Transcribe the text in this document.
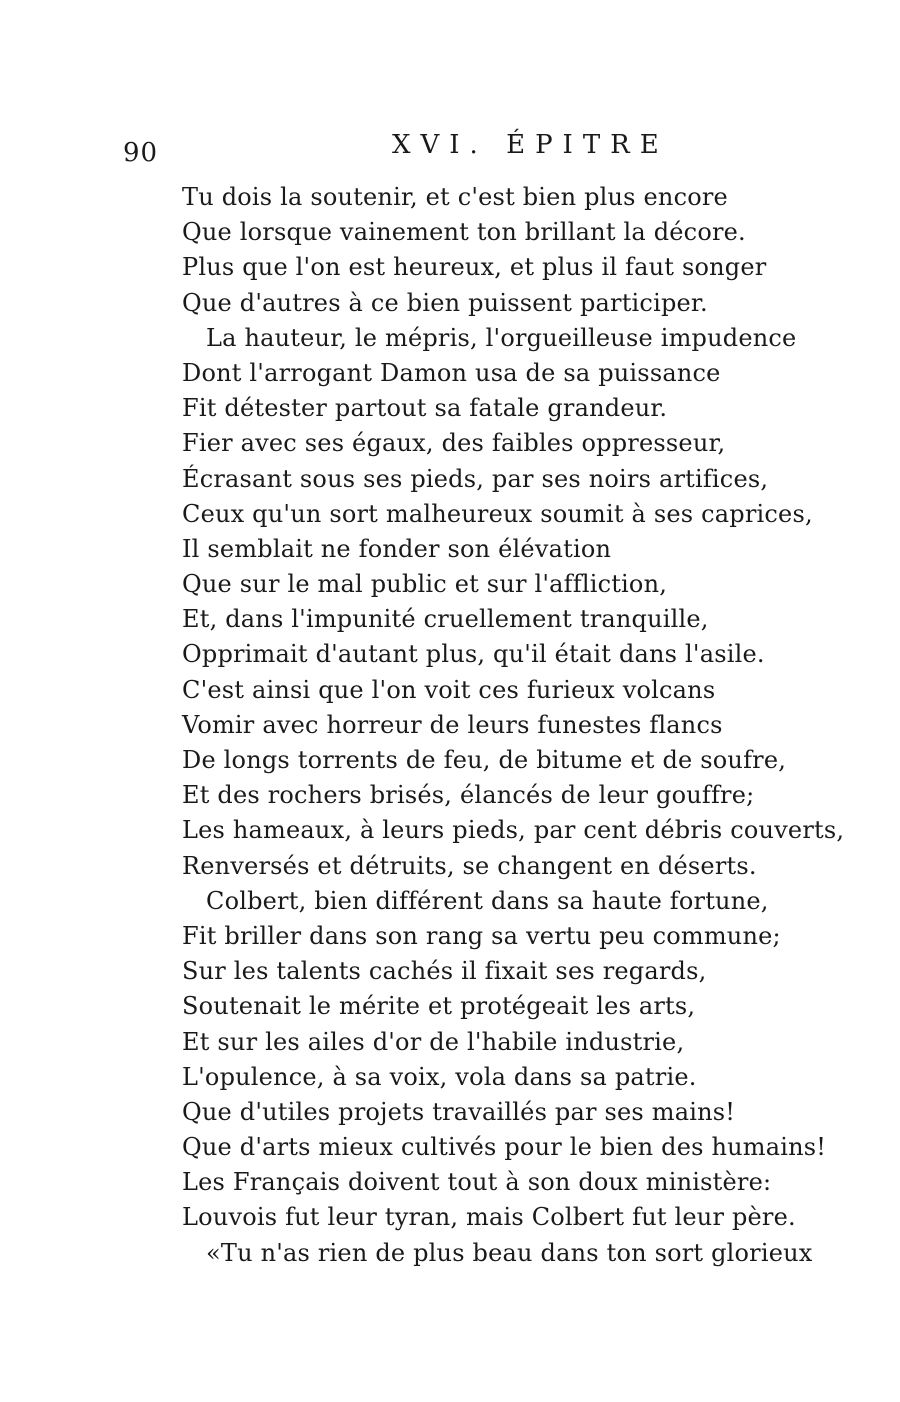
90	XVI. ÉPITRE
Tu dois la soutenir, et c'est bien plus encore
Que lorsque vainement ton brillant la décore.
Plus que l'on est heureux, et plus il faut songer
Que d'autres à ce bien puissent participer.
La hauteur, le mépris, l'orgueilleuse impudence
Dont l'arrogant Damon usa de sa puissance
Fit détester partout sa fatale grandeur.
Fier avec ses égaux, des faibles oppresseur,
Écrasant sous ses pieds, par ses noirs artifices,
Ceux qu'un sort malheureux soumit à ses caprices,
Il semblait ne fonder son élévation
Que sur le mal public et sur l'affliction,
Et, dans l'impunité cruellement tranquille,
Opprimait d'autant plus, qu'il était dans l'asile.
C'est ainsi que l'on voit ces furieux volcans
Vomir avec horreur de leurs funestes flancs
De longs torrents de feu, de bitume et de soufre,
Et des rochers brisés, élancés de leur gouffre;
Les hameaux, à leurs pieds, par cent débris couverts,
Renversés et détruits, se changent en déserts.
Colbert, bien différent dans sa haute fortune,
Fit briller dans son rang sa vertu peu commune;
Sur les talents cachés il fixait ses regards,
Soutenait le mérite et protégeait les arts,
Et sur les ailes d'or de l'habile industrie,
L'opulence, à sa voix, vola dans sa patrie.
Que d'utiles projets travaillés par ses mains!
Que d'arts mieux cultivés pour le bien des humains!
Les Français doivent tout à son doux ministère:
Louvois fut leur tyran, mais Colbert fut leur père.
«Tu n'as rien de plus beau dans ton sort glorieux
